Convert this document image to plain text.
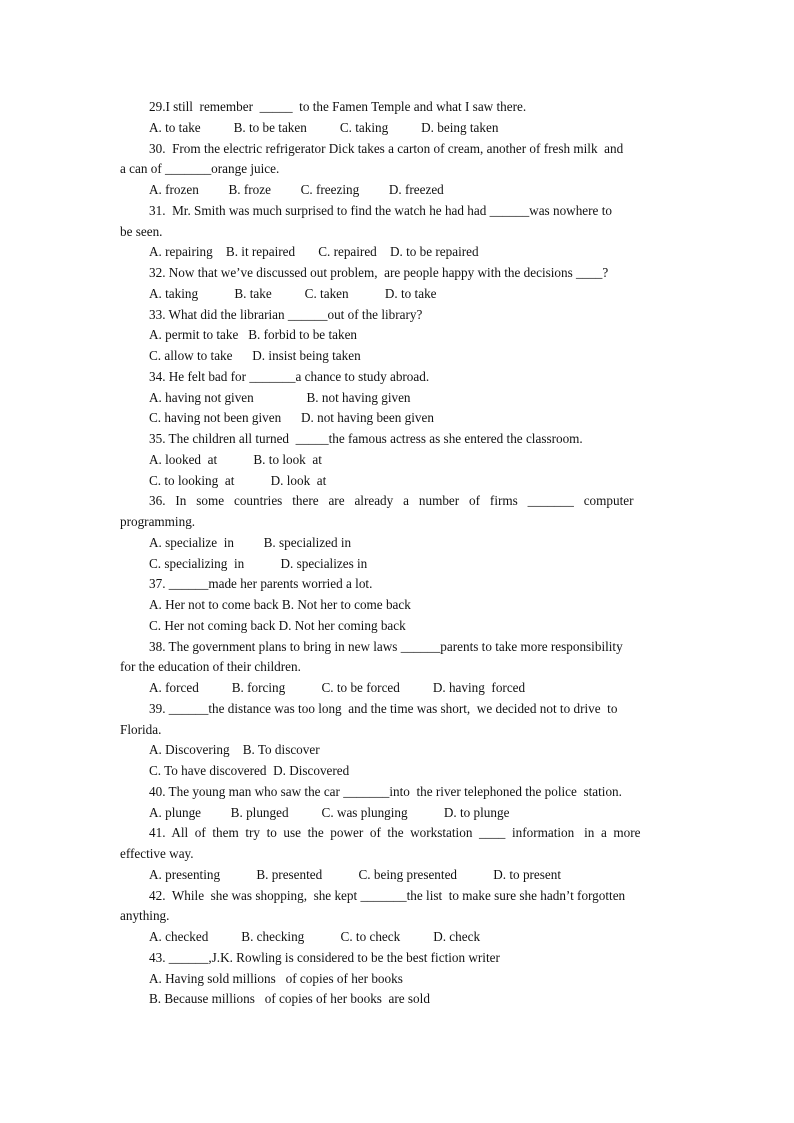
29.I still  remember  _____  to the Famen Temple and what I saw there.
A. to take          B. to be taken          C. taking          D. being taken
30.  From the electric refrigerator Dick takes a carton of cream, another of fresh milk  and
a can of _______orange juice.
A. frozen         B. froze         C. freezing         D. freezed
31.  Mr. Smith was much surprised to find the watch he had had ______was nowhere to
be seen.
A. repairing    B. it repaired       C. repaired    D. to be repaired
32. Now that we’ve discussed out problem,  are people happy with the decisions ____?
A. taking           B. take          C. taken           D. to take
33. What did the librarian ______out of the library?
A. permit to take   B. forbid to be taken
C. allow to take      D. insist being taken
34. He felt bad for _______a chance to study abroad.
A. having not given                B. not having given
C. having not been given      D. not having been given
35. The children all turned  _____the famous actress as she entered the classroom.
A. looked  at           B. to look  at
C. to looking  at           D. look  at
36.   In   some   countries   there   are   already   a   number   of   firms   _______   computer
programming.
A. specialize  in         B. specialized in
C. specializing  in           D. specializes in
37. ______made her parents worried a lot.
A. Her not to come back B. Not her to come back
C. Her not coming back D. Not her coming back
38. The government plans to bring in new laws ______parents to take more responsibility
for the education of their children.
A. forced          B. forcing           C. to be forced          D. having  forced
39. ______the distance was too long  and the time was short,  we decided not to drive  to
Florida.
A. Discovering    B. To discover
C. To have discovered  D. Discovered
40. The young man who saw the car _______into  the river telephoned the police  station.
A. plunge         B. plunged          C. was plunging           D. to plunge
41.  All  of  them  try  to  use  the  power  of  the  workstation  ____  information   in  a  more
effective way.
A. presenting           B. presented           C. being presented           D. to present
42.  While  she was shopping,  she kept _______the list  to make sure she hadn’t forgotten
anything.
A. checked          B. checking           C. to check          D. check
43. ______,J.K. Rowling is considered to be the best fiction writer
A. Having sold millions   of copies of her books
B. Because millions   of copies of her books  are sold
